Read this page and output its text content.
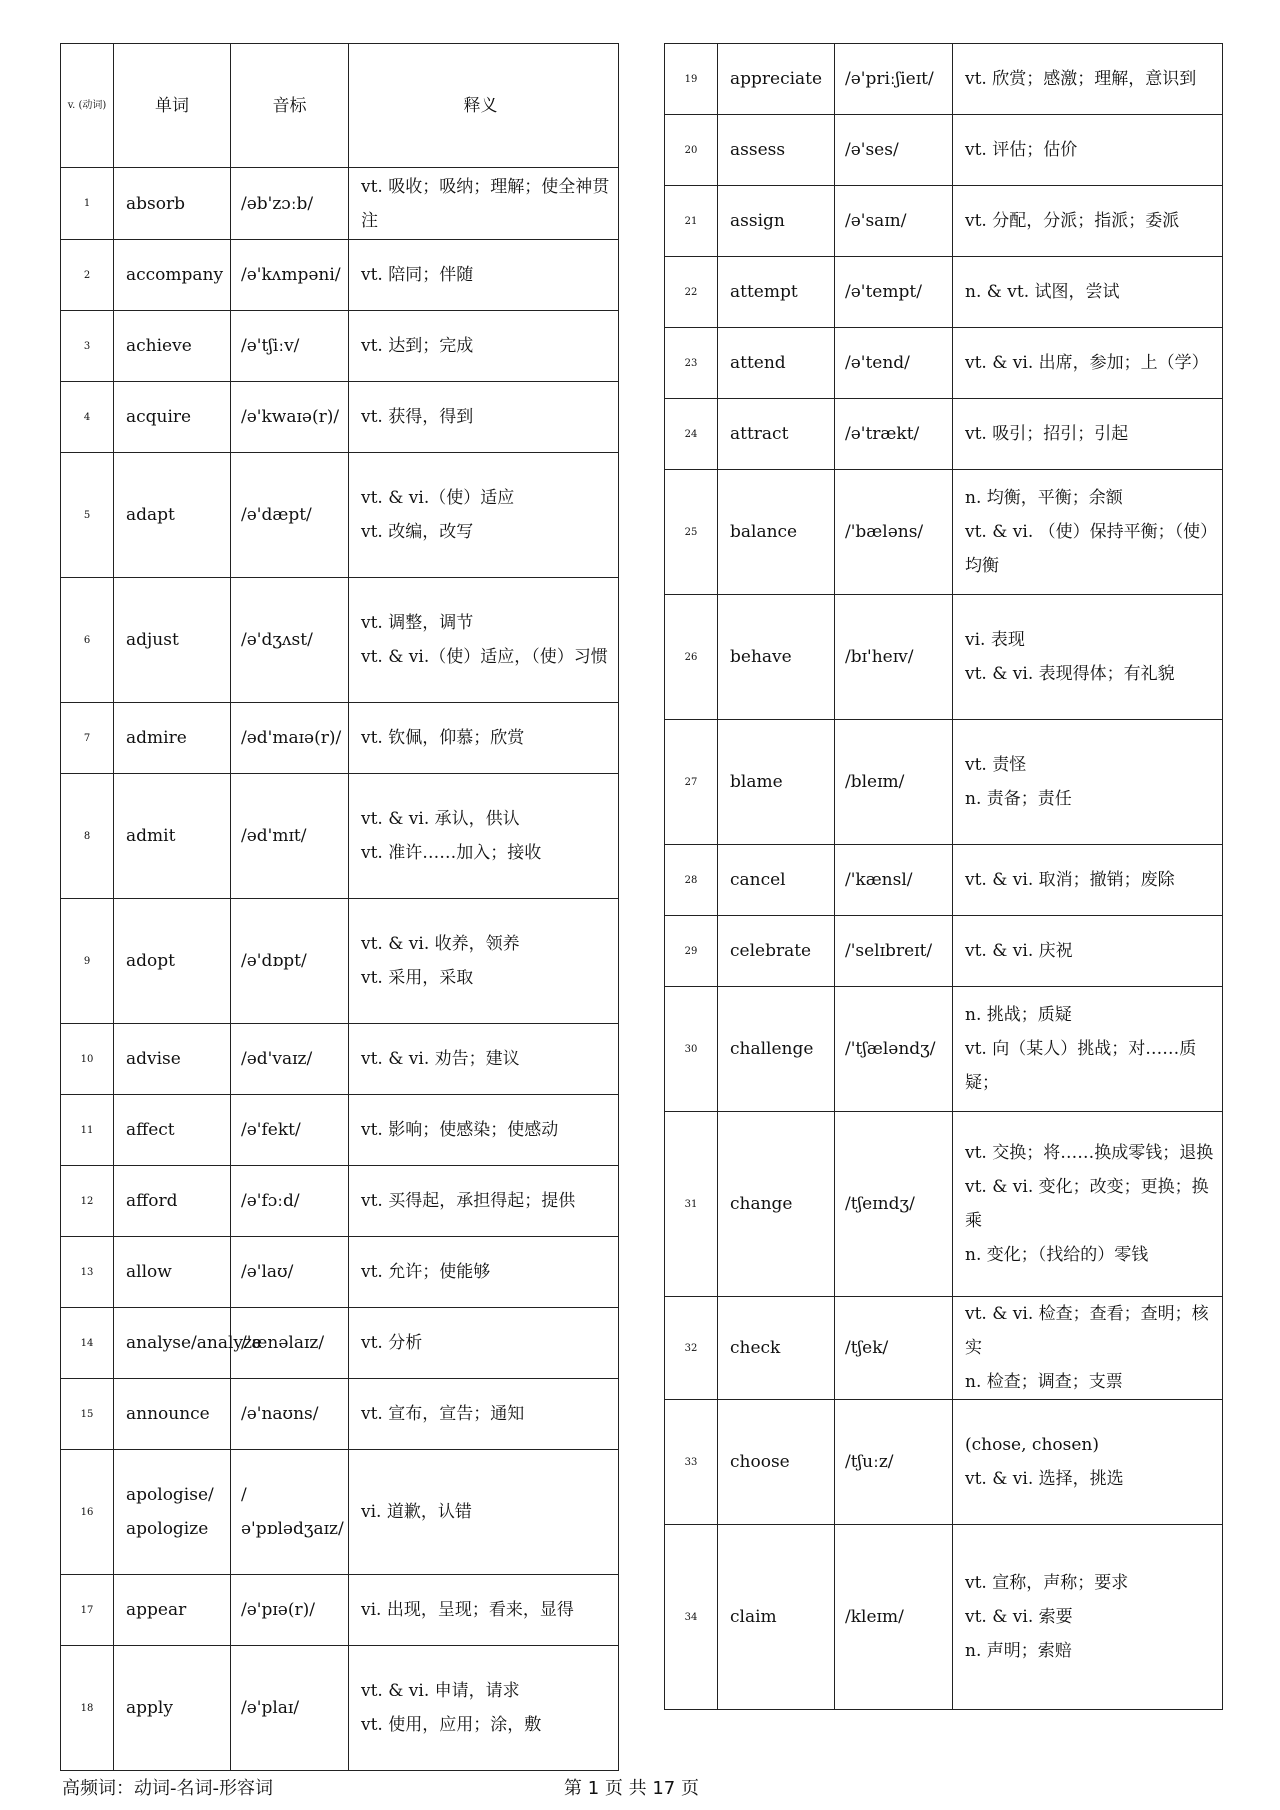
v. (动词)	单词	音标	释义
1	absorb	/əb'zɔːb/	vt. 吸收；吸纳；理解；使全神贯注

2	accompany	/ə'kʌmpəni/	vt. 陪同；伴随

3	achieve	/ə'tʃiːv/	vt. 达到；完成

4	acquire	/ə'kwaɪə(r)/	vt. 获得，得到

5	adapt	/ə'dæpt/	vt. & vi.（使）适应
vt. 改编，改写

6	adjust	/ə'dʒʌst/	vt. 调整，调节
vt. & vi.（使）适应，（使）习惯

7	admire	/əd'maɪə(r)/	vt. 钦佩，仰慕；欣赏

8	admit	/əd'mɪt/	vt. & vi. 承认，供认
vt. 准许……加入；接收

9	adopt	/ə'dɒpt/	vt. & vi. 收养，领养
vt. 采用，采取

10	advise	/əd'vaɪz/	vt. & vi. 劝告；建议

11	affect	/ə'fekt/	vt. 影响；使感染；使感动

12	afford	/ə'fɔːd/	vt. 买得起，承担得起；提供

13	allow	/ə'laʊ/	vt. 允许；使能够

14	analyse/analyze	/'ænəlaɪz/	vt. 分析

15	announce	/ə'naʊns/	vt. 宣布，宣告；通知

16	apologise/ apologize	/ə'pɒlədʒaɪz/	vi. 道歉，认错

17	appear	/ə'pɪə(r)/	vi. 出现，呈现；看来，显得

18	apply	/ə'plaɪ/	vt. & vi. 申请，请求
vt. 使用，应用；涂，敷
19	appreciate	/ə'priːʃieɪt/	vt. 欣赏；感激；理解，意识到

20	assess	/ə'ses/	vt. 评估；估价

21	assign	/ə'saɪn/	vt. 分配，分派；指派；委派

22	attempt	/ə'tempt/	n. & vt. 试图，尝试

23	attend	/ə'tend/	vt. & vi. 出席，参加；上（学）

24	attract	/ə'trækt/	vt. 吸引；招引；引起

25	balance	/'bæləns/	n. 均衡，平衡；余额
vt. & vi. （使）保持平衡；（使）均衡

26	behave	/bɪ'heɪv/	vi. 表现
vt. & vi. 表现得体；有礼貌

27	blame	/bleɪm/	vt. 责怪
n. 责备；责任

28	cancel	/'kænsl/	vt. & vi. 取消；撤销；废除

29	celebrate	/'selɪbreɪt/	vt. & vi. 庆祝

30	challenge	/'tʃæləndʒ/	n. 挑战；质疑
vt. 向（某人）挑战；对……质疑；

31	change	/tʃeɪndʒ/	vt. 交换；将……换成零钱；退换
vt. & vi. 变化；改变；更换；换乘
n. 变化；（找给的）零钱

32	check	/tʃek/	vt. & vi. 检查；查看；查明；核实
n. 检查；调查；支票

33	choose	/tʃuːz/	(chose, chosen)
vt. & vi. 选择，挑选

34	claim	/kleɪm/	vt. 宣称，声称；要求
vt. & vi. 索要
n. 声明；索赔
高频词：动词-名词-形容词	第 1 页 共 17 页
